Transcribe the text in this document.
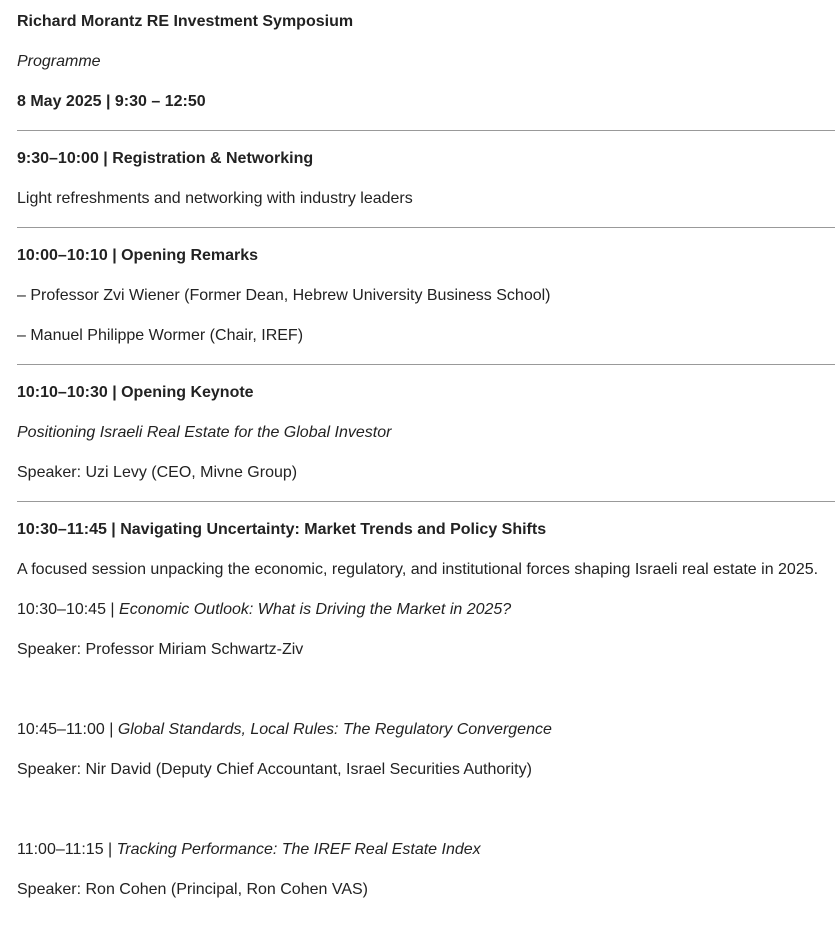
Richard Morantz RE Investment Symposium
Programme
8 May 2025 | 9:30 – 12:50
9:30–10:00 | Registration & Networking
Light refreshments and networking with industry leaders
10:00–10:10 | Opening Remarks
– Professor Zvi Wiener (Former Dean, Hebrew University Business School)
– Manuel Philippe Wormer (Chair, IREF)
10:10–10:30 | Opening Keynote
Positioning Israeli Real Estate for the Global Investor
Speaker: Uzi Levy (CEO, Mivne Group)
10:30–11:45 | Navigating Uncertainty: Market Trends and Policy Shifts
A focused session unpacking the economic, regulatory, and institutional forces shaping Israeli real estate in 2025.
10:30–10:45 | Economic Outlook: What is Driving the Market in 2025?
Speaker: Professor Miriam Schwartz-Ziv
10:45–11:00 | Global Standards, Local Rules: The Regulatory Convergence
Speaker: Nir David (Deputy Chief Accountant, Israel Securities Authority)
11:00–11:15 | Tracking Performance: The IREF Real Estate Index
Speaker: Ron Cohen (Principal, Ron Cohen VAS)
